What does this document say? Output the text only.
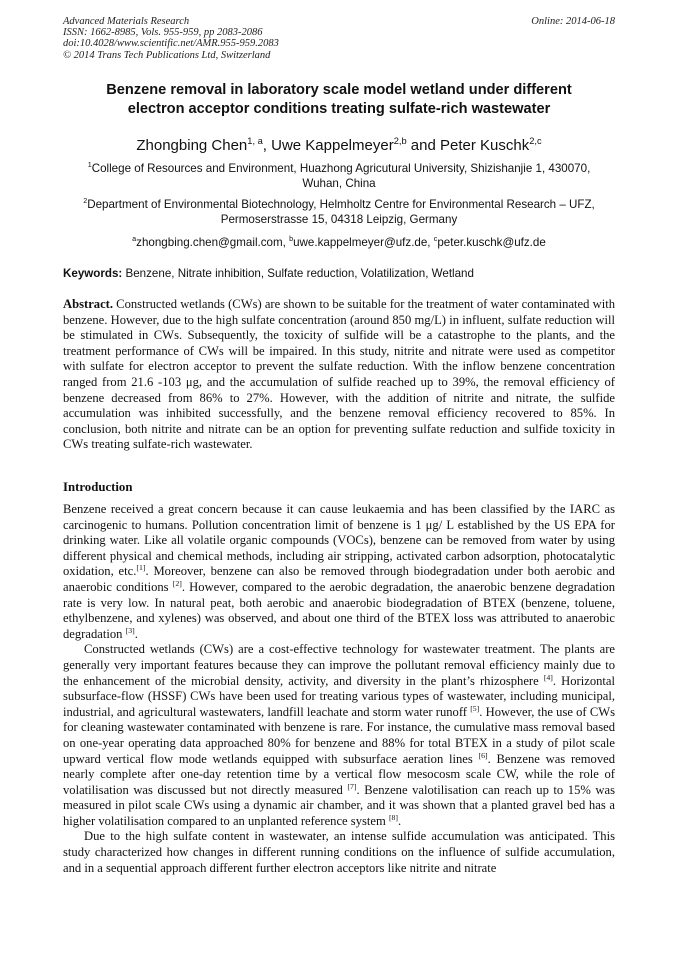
Advanced Materials Research
ISSN: 1662-8985, Vols. 955-959, pp 2083-2086
doi:10.4028/www.scientific.net/AMR.955-959.2083
© 2014 Trans Tech Publications Ltd, Switzerland
Online: 2014-06-18
Benzene removal in laboratory scale model wetland under different
electron acceptor conditions treating sulfate-rich wastewater
Zhongbing Chen$^{1, a}$, Uwe Kappelmeyer$^{2,b}$ and Peter Kuschk$^{2,c}$
$^1$College of Resources and Environment, Huazhong Agricutural University, Shizishanjie 1, 430070,
Wuhan, China
$^2$Department of Environmental Biotechnology, Helmholtz Centre for Environmental Research – UFZ,
Permoserstrasse 15, 04318 Leipzig, Germany
$^a$zhongbing.chen@gmail.com, $^b$uwe.kappelmeyer@ufz.de, $^c$peter.kuschk@ufz.de
Keywords: Benzene, Nitrate inhibition, Sulfate reduction, Volatilization, Wetland
Abstract. Constructed wetlands (CWs) are shown to be suitable for the treatment of water contaminated with benzene. However, due to the high sulfate concentration (around 850 mg/L) in influent, sulfate reduction will be stimulated in CWs. Subsequently, the toxicity of sulfide will be a catastrophe to the plants, and the treatment performance of CWs will be impaired. In this study, nitrite and nitrate were used as competitor with sulfate for electron acceptor to prevent the sulfate reduction. With the inflow benzene concentration ranged from 21.6 -103 μg, and the accumulation of sulfide reached up to 39%, the removal efficiency of benzene decreased from 86% to 27%. However, with the addition of nitrite and nitrate, the sulfide accumulation was inhibited successfully, and the benzene removal efficiency recovered to 85%. In conclusion, both nitrite and nitrate can be an option for preventing sulfate reduction and sulfide toxicity in CWs treating sulfate-rich wastewater.
Introduction

Benzene received a great concern because it can cause leukaemia and has been classified by the IARC as carcinogenic to humans. Pollution concentration limit of benzene is 1 μg/ L established by the US EPA for drinking water. Like all volatile organic compounds (VOCs), benzene can be removed from water by using different physical and chemical methods, including air stripping, activated carbon adsorption, photocatalytic oxidation, etc.[1]. Moreover, benzene can also be removed through biodegradation under both aerobic and anaerobic conditions [2]. However, compared to the aerobic degradation, the anaerobic benzene degradation rate is very low. In natural peat, both aerobic and anaerobic biodegradation of BTEX (benzene, toluene, ethylbenzene, and xylenes) was observed, and about one third of the BTEX loss was attributed to anaerobic degradation [3].

Constructed wetlands (CWs) are a cost-effective technology for wastewater treatment. The plants are generally very important features because they can improve the pollutant removal efficiency mainly due to the enhancement of the microbial density, activity, and diversity in the plant’s rhizosphere [4]. Horizontal subsurface-flow (HSSF) CWs have been used for treating various types of wastewater, including municipal, industrial, and agricultural wastewaters, landfill leachate and storm water runoff [5]. However, the use of CWs for cleaning wastewater contaminated with benzene is rare. For instance, the cumulative mass removal based on one-year operating data approached 80% for benzene and 88% for total BTEX in a study of pilot scale upward vertical flow mode wetlands equipped with subsurface aeration lines [6]. Benzene was removed nearly complete after one-day retention time by a vertical flow mesocosm scale CW, while the role of volatilisation was discussed but not directly measured [7]. Benzene valotilisation can reach up to 15% was measured in pilot scale CWs using a dynamic air chamber, and it was shown that a planted gravel bed has a higher volatilisation compared to an unplanted reference system [8].

Due to the high sulfate content in wastewater, an intense sulfide accumulation was anticipated. This study characterized how changes in different running conditions on the influence of sulfide accumulation, and in a sequential approach different further electron acceptors like nitrite and nitrate
